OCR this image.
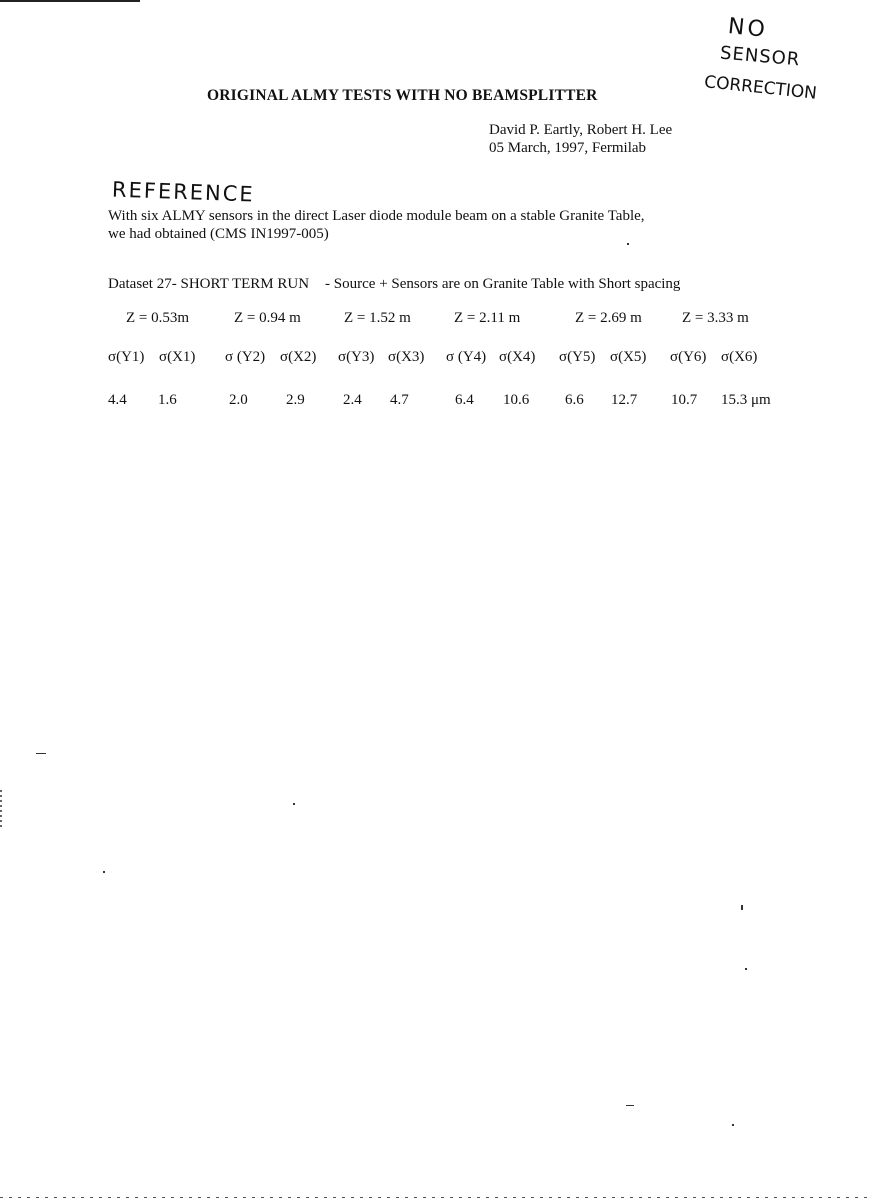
NO
SENSOR
CORRECTION
ORIGINAL ALMY TESTS WITH NO BEAMSPLITTER
David P. Eartly, Robert H. Lee
05 March, 1997, Fermilab
REFERENCE
With six ALMY sensors in the direct Laser diode module beam on a stable Granite Table,
we had obtained (CMS IN1997-005)
Dataset 27- SHORT TERM RUN - Source + Sensors are on Granite Table with Short spacing
Z = 0.53m	Z = 0.94 m	Z = 1.52 m	Z = 2.11 m	Z = 2.69 m	Z = 3.33 m
σ(Y1) σ(X1) σ (Y2) σ(X2) σ(Y3) σ(X3) σ (Y4) σ(X4) σ(Y5) σ(X5) σ(Y6) σ(X6)
4.4 1.6	2.0	2.9	2.4 4.7	6.4 10.6 6.6 12.7 10.7 15.3 μm
